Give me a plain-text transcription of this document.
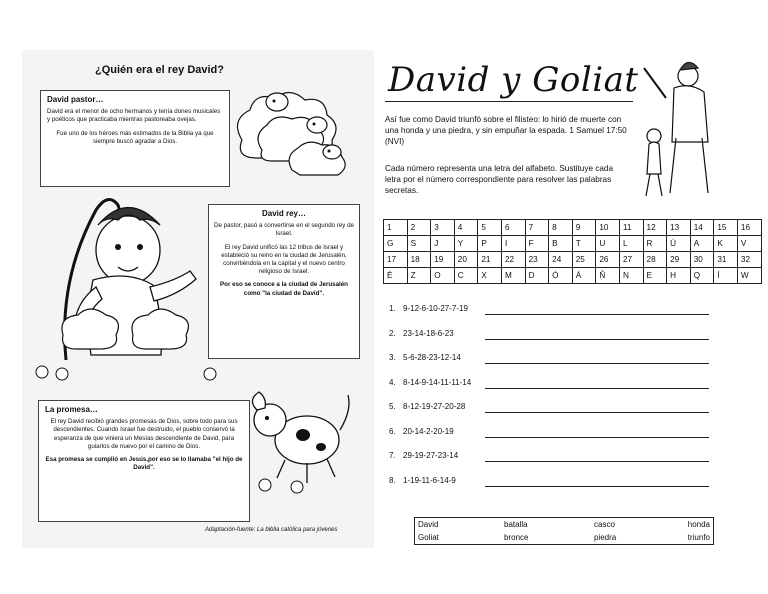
¿Quién era el rey David?
David pastor…

David era el menor de ocho hermanos y tenía dones musicales y poéticos que practicaba mientras pastoreaba ovejas.

Fue uno de los héroes más estimados de la Biblia ya que siempre buscó agradar a Dios.

David rey…

De pastor, pasó a convertirse en el segundo rey de Israel.

El rey David unificó las 12 tribus de Israel y estableció su reino en la ciudad de Jerusalén, convirtiéndola en la capital y el nuevo centro religioso de Israel.

Por eso se conoce a la ciudad de Jerusalén como "la ciudad de David".

La promesa…

El rey David recibió grandes promesas de Dios, sobre todo para sus descendientes. Cuando Israel fue destruido, el pueblo conservó la esperanza de que viniera un Mesías descendiente de David, para guiarlos de nuevo por el camino de Dios.

Esa promesa se cumplió en Jesús,por eso se lo llamaba "el hijo de David".

Adaptación-fuente: La biblia católica para jóvenes
David y Goliat
Así fue como David triunfó sobre el filisteo: lo hirió de muerte con una honda y una piedra, y sin empuñar la espada. 1 Samuel 17:50 (NVI)
Cada número representa una letra del alfabeto. Sustituye cada letra por el número correspondiente para resolver las palabras secretas.
1	2	3	4	5	6	7	8	9	10	11	12	13	14	15	16
G	S	J	Y	P	I	F	B	T	U	L	R	Ú	A	K	V
17	18	19	20	21	22	23	24	25	26	27	28	29	30	31	32
É	Z	O	C	X	M	D	Ó	Á	Ñ	N	E	H	Q	Í	W
1. 9-12-6-10-27-7-19
2. 23-14-18-6-23
3. 5-6-28-23-12-14
4. 8-14-9-14-11-11-14
5. 8-12-19-27-20-28
6. 20-14-2-20-19
7. 29-19-27-23-14
8. 1-19-11-6-14-9
David	batalla	casco	honda
Goliat	bronce	piedra	triunfo
